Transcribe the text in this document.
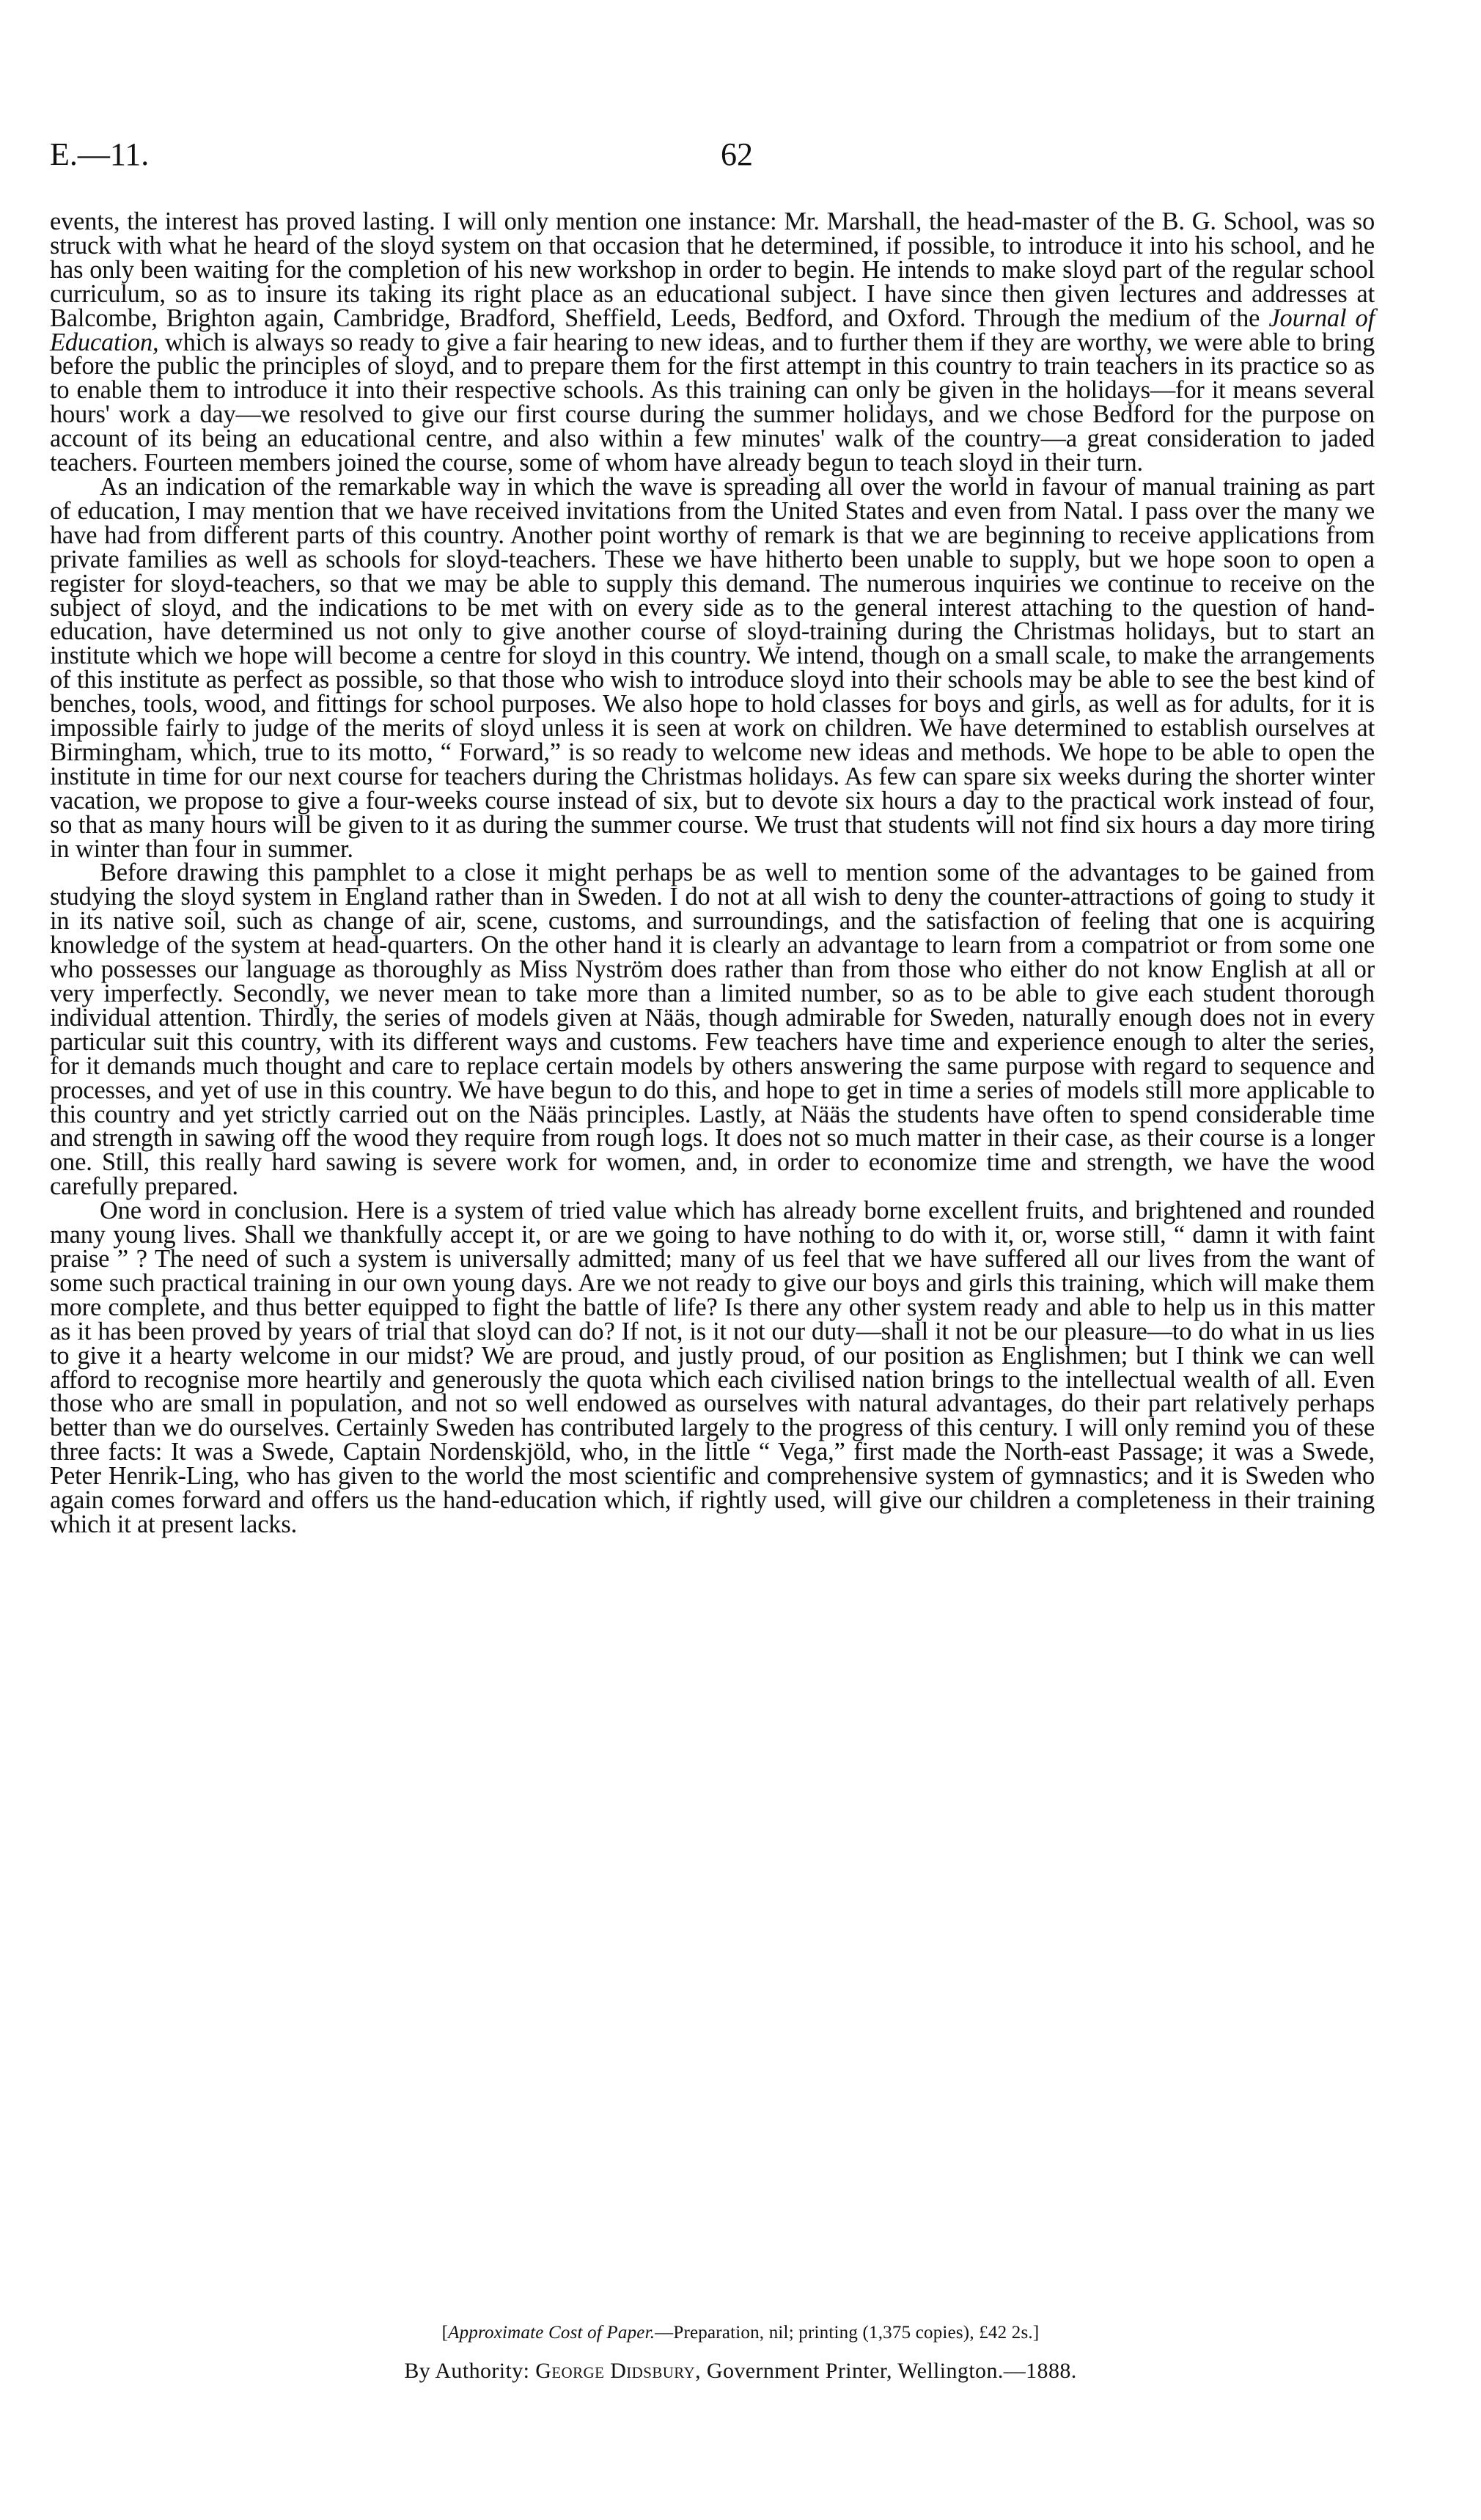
E.—11.	62

events, the interest has proved lasting. I will only mention one instance: Mr. Marshall, the head-master of the B. G. School, was so struck with what he heard of the sloyd system on that occasion that he determined, if possible, to introduce it into his school, and he has only been waiting for the completion of his new workshop in order to begin. He intends to make sloyd part of the regular school curriculum, so as to insure its taking its right place as an educational subject. I have since then given lectures and addresses at Balcombe, Brighton again, Cambridge, Bradford, Sheffield, Leeds, Bedford, and Oxford. Through the medium of the Journal of Education, which is always so ready to give a fair hearing to new ideas, and to further them if they are worthy, we were able to bring before the public the principles of sloyd, and to prepare them for the first attempt in this country to train teachers in its practice so as to enable them to introduce it into their respective schools. As this training can only be given in the holidays—for it means several hours' work a day—we resolved to give our first course during the summer holidays, and we chose Bedford for the purpose on account of its being an educational centre, and also within a few minutes' walk of the country—a great consideration to jaded teachers. Fourteen members joined the course, some of whom have already begun to teach sloyd in their turn.

As an indication of the remarkable way in which the wave is spreading all over the world in favour of manual training as part of education, I may mention that we have received invitations from the United States and even from Natal. I pass over the many we have had from different parts of this country. Another point worthy of remark is that we are beginning to receive applications from private families as well as schools for sloyd-teachers. These we have hitherto been unable to supply, but we hope soon to open a register for sloyd-teachers, so that we may be able to supply this demand. The numerous inquiries we continue to receive on the subject of sloyd, and the indications to be met with on every side as to the general interest attaching to the question of hand-education, have determined us not only to give another course of sloyd-training during the Christmas holidays, but to start an institute which we hope will become a centre for sloyd in this country. We intend, though on a small scale, to make the arrangements of this institute as perfect as possible, so that those who wish to introduce sloyd into their schools may be able to see the best kind of benches, tools, wood, and fittings for school purposes. We also hope to hold classes for boys and girls, as well as for adults, for it is impossible fairly to judge of the merits of sloyd unless it is seen at work on children. We have determined to establish ourselves at Birmingham, which, true to its motto, “ Forward,” is so ready to welcome new ideas and methods. We hope to be able to open the institute in time for our next course for teachers during the Christmas holidays. As few can spare six weeks during the shorter winter vacation, we propose to give a four-weeks course instead of six, but to devote six hours a day to the practical work instead of four, so that as many hours will be given to it as during the summer course. We trust that students will not find six hours a day more tiring in winter than four in summer.

Before drawing this pamphlet to a close it might perhaps be as well to mention some of the advantages to be gained from studying the sloyd system in England rather than in Sweden. I do not at all wish to deny the counter-attractions of going to study it in its native soil, such as change of air, scene, customs, and surroundings, and the satisfaction of feeling that one is acquiring knowledge of the system at head-quarters. On the other hand it is clearly an advantage to learn from a compatriot or from some one who possesses our language as thoroughly as Miss Nyström does rather than from those who either do not know English at all or very imperfectly. Secondly, we never mean to take more than a limited number, so as to be able to give each student thorough individual attention. Thirdly, the series of models given at Nääs, though admirable for Sweden, naturally enough does not in every particular suit this country, with its different ways and customs. Few teachers have time and experience enough to alter the series, for it demands much thought and care to replace certain models by others answering the same purpose with regard to sequence and processes, and yet of use in this country. We have begun to do this, and hope to get in time a series of models still more applicable to this country and yet strictly carried out on the Nääs principles. Lastly, at Nääs the students have often to spend considerable time and strength in sawing off the wood they require from rough logs. It does not so much matter in their case, as their course is a longer one. Still, this really hard sawing is severe work for women, and, in order to economize time and strength, we have the wood carefully prepared.

One word in conclusion. Here is a system of tried value which has already borne excellent fruits, and brightened and rounded many young lives. Shall we thankfully accept it, or are we going to have nothing to do with it, or, worse still, “ damn it with faint praise ” ? The need of such a system is universally admitted; many of us feel that we have suffered all our lives from the want of some such practical training in our own young days. Are we not ready to give our boys and girls this training, which will make them more complete, and thus better equipped to fight the battle of life? Is there any other system ready and able to help us in this matter as it has been proved by years of trial that sloyd can do? If not, is it not our duty—shall it not be our pleasure—to do what in us lies to give it a hearty welcome in our midst? We are proud, and justly proud, of our position as Englishmen; but I think we can well afford to recognise more heartily and generously the quota which each civilised nation brings to the intellectual wealth of all. Even those who are small in population, and not so well endowed as ourselves with natural advantages, do their part relatively perhaps better than we do ourselves. Certainly Sweden has contributed largely to the progress of this century. I will only remind you of these three facts: It was a Swede, Captain Nordenskjöld, who, in the little “ Vega,” first made the North-east Passage; it was a Swede, Peter Henrik-Ling, who has given to the world the most scientific and comprehensive system of gymnastics; and it is Sweden who again comes forward and offers us the hand-education which, if rightly used, will give our children a completeness in their training which it at present lacks.

[Approximate Cost of Paper.—Preparation, nil; printing (1,375 copies), £42 2s.]
By Authority: George Didsbury, Government Printer, Wellington.—1888.
